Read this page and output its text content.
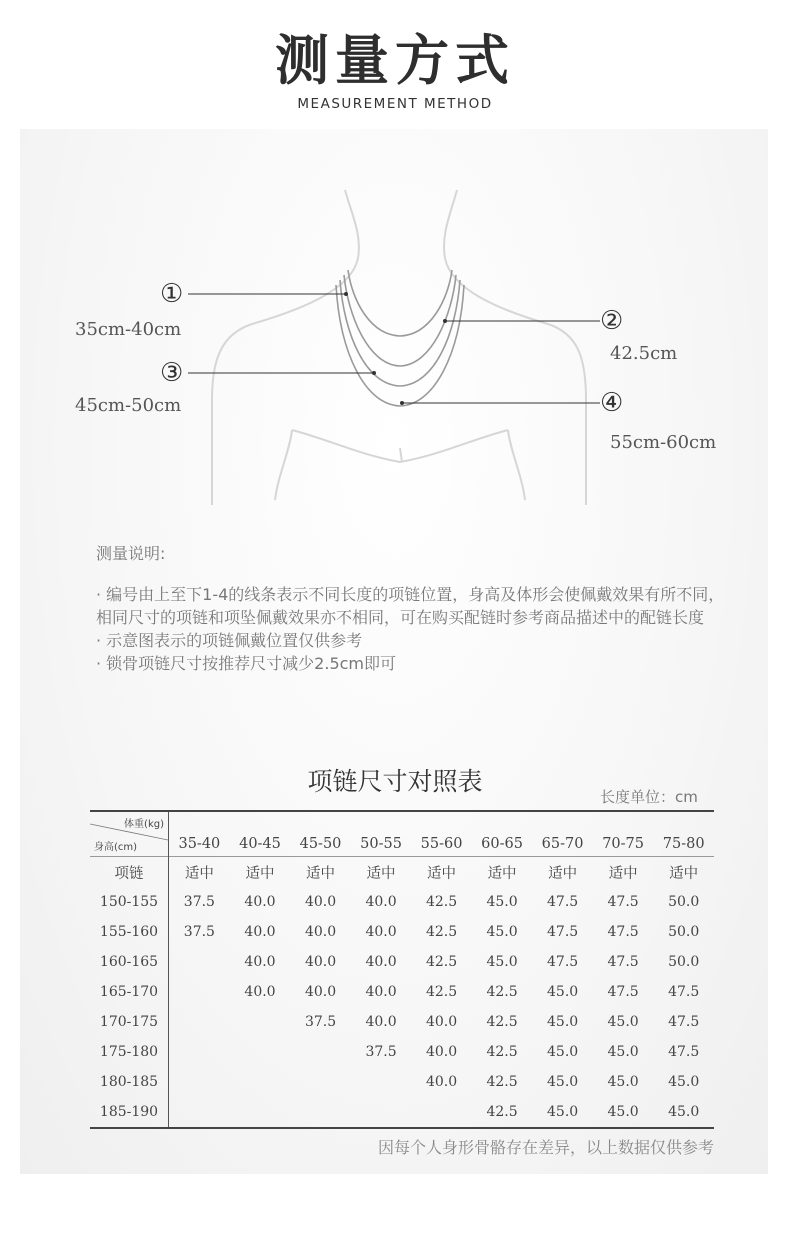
测量方式
MEASUREMENT METHOD
①
②
③
④
35cm-40cm
42.5cm
45cm-50cm
55cm-60cm

测量说明:

· 编号由上至下1-4的线条表示不同长度的项链位置，身高及体形会使佩戴效果有所不同，相同尺寸的项链和项坠佩戴效果亦不相同，可在购买配链时参考商品描述中的配链长度

· 示意图表示的项链佩戴位置仅供参考

· 锁骨项链尺寸按推荐尺寸减少2.5cm即可

项链尺寸对照表
长度单位：cm
体重(kg)
身高(cm)	35-40	40-45	45-50	50-55	55-60	60-65	65-70	70-75	75-80
项链	适中	适中	适中	适中	适中	适中	适中	适中	适中
150-155	37.5	40.0	40.0	40.0	42.5	45.0	47.5	47.5	50.0
155-160	37.5	40.0	40.0	40.0	42.5	45.0	47.5	47.5	50.0
160-165		40.0	40.0	40.0	42.5	45.0	47.5	47.5	50.0
165-170		40.0	40.0	40.0	42.5	42.5	45.0	47.5	47.5
170-175			37.5	40.0	40.0	42.5	45.0	45.0	47.5
175-180				37.5	40.0	42.5	45.0	45.0	47.5
180-185					40.0	42.5	45.0	45.0	45.0
185-190						42.5	45.0	45.0	45.0
因每个人身形骨骼存在差异，以上数据仅供参考
